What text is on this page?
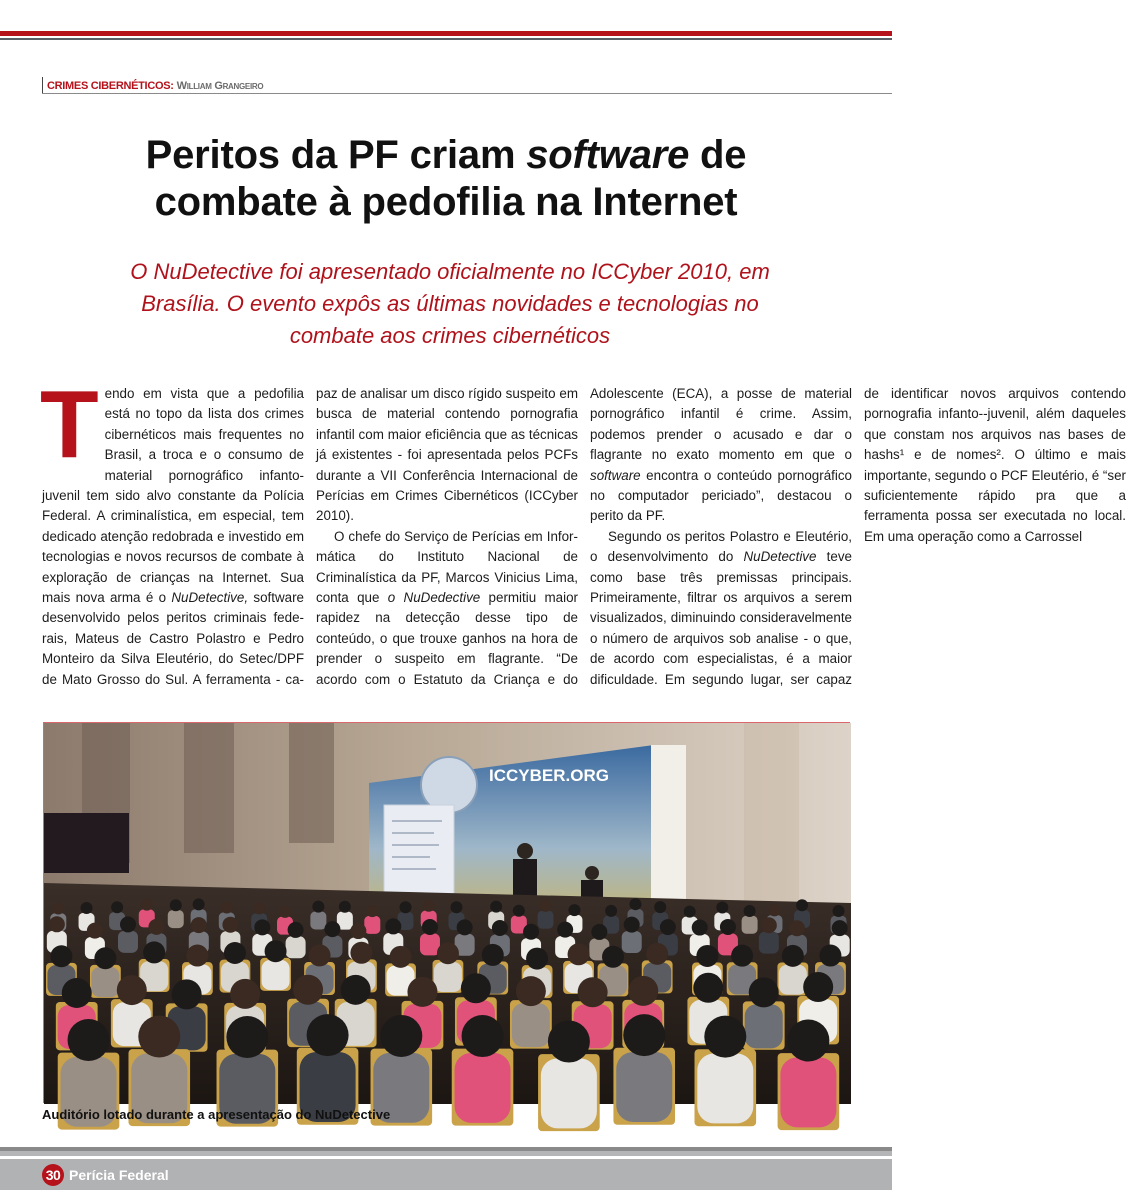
CRIMES CIBERNÉTICOS: William Grangeiro
Peritos da PF criam software de
combate à pedofilia na Internet

O NuDetective foi apresentado oficialmente no ICCyber 2010, em Brasília. O evento expôs as últimas novidades e tecnologias no combate aos crimes cibernéticos

Tendo em vista que a pedofilia está no topo da lista dos crimes cibernéticos mais frequentes no Brasil, a troca e o consumo de material pornográfico infanto-juvenil tem sido alvo constante da Polícia Federal. A criminalística, em especial, tem dedicado atenção redobrada e investido em tecnologias e novos recursos de combate à exploração de crianças na Internet. Sua mais nova arma é o NuDetective, software desenvolvido pelos peritos criminais federais, Mateus de Castro Polastro e Pedro Monteiro da Silva Eleutério, do Setec/DPF de Mato Grosso do Sul. A ferramenta - capaz de analisar um disco rígido suspeito em busca de material contendo pornografia infantil com maior eficiência que as técnicas já existentes - foi apresentada pelos PCFs durante a VII Conferência Internacional de Perícias em Crimes Cibernéticos (ICCyber 2010).

O chefe do Serviço de Perícias em Informática do Instituto Nacional de Criminalística da PF, Marcos Vinicius Lima, conta que o NuDedective permitiu maior rapidez na detecção desse tipo de conteúdo, o que trouxe ganhos na hora de prender o suspeito em flagrante. “De acordo com o Estatuto da Criança e do Adolescente (ECA), a posse de material pornográfico infantil é crime. Assim, podemos prender o acusado e dar o flagrante no exato momento em que o software encontra o conteúdo pornográfico no computador periciado”, destacou o perito da PF.

Segundo os peritos Polastro e Eleutério, o desenvolvimento do NuDetective teve como base três premissas principais. Primeiramente, filtrar os arquivos a serem visualizados, diminuindo consideravelmente o número de arquivos sob analise - o que, de acordo com especialistas, é a maior dificuldade. Em segundo lugar, ser capaz de identificar novos arquivos contendo pornografia infanto--juvenil, além daqueles que constam nos arquivos nas bases de hashs¹ e de nomes². O último e mais importante, segundo o PCF Eleutério, é “ser suficientemente rápido pra que a ferramenta possa ser executada no local. Em uma operação como a Carrossel

ICCYBER.ORG
Auditório lotado durante a apresentação do NuDetective
30 Perícia Federal
